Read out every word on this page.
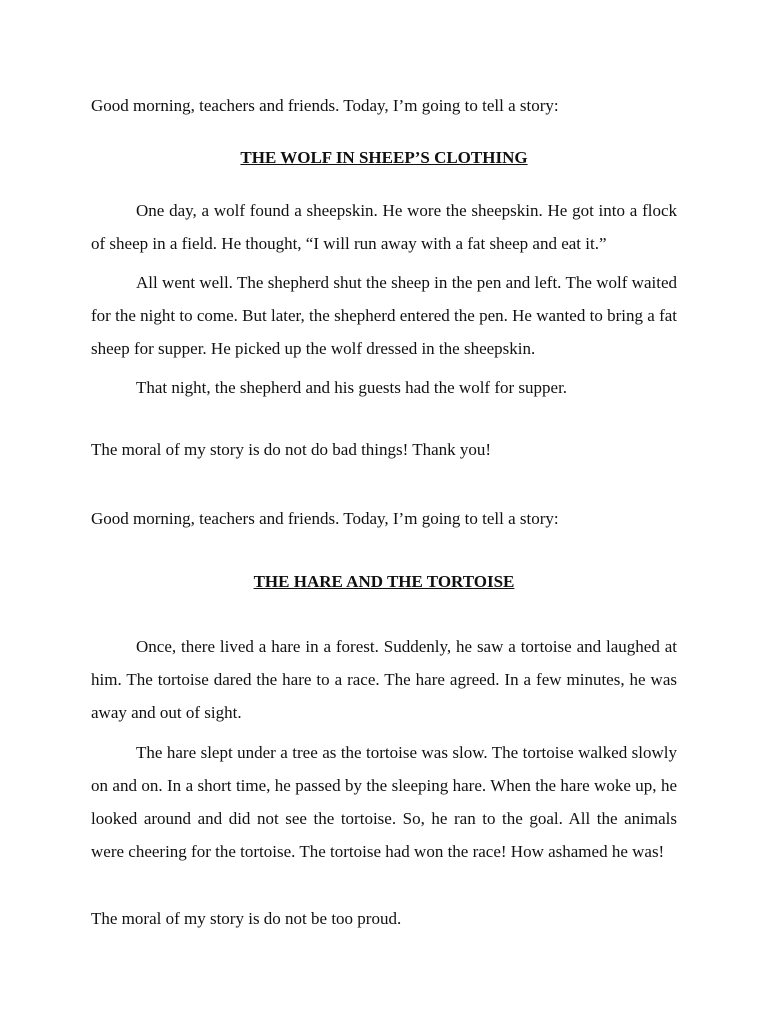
Good morning, teachers and friends. Today, I’m going to tell a story:

THE WOLF IN SHEEP’S CLOTHING

One day, a wolf found a sheepskin. He wore the sheepskin. He got into a flock of sheep in a field. He thought, “I will run away with a fat sheep and eat it.”

All went well. The shepherd shut the sheep in the pen and left. The wolf waited for the night to come. But later, the shepherd entered the pen. He wanted to bring a fat sheep for supper. He picked up the wolf dressed in the sheepskin.

That night, the shepherd and his guests had the wolf for supper.

The moral of my story is do not do bad things! Thank you!

Good morning, teachers and friends. Today, I’m going to tell a story:

THE HARE AND THE TORTOISE

Once, there lived a hare in a forest. Suddenly, he saw a tortoise and laughed at him. The tortoise dared the hare to a race. The hare agreed. In a few minutes, he was away and out of sight.

The hare slept under a tree as the tortoise was slow. The tortoise walked slowly on and on. In a short time, he passed by the sleeping hare. When the hare woke up, he looked around and did not see the tortoise. So, he ran to the goal. All the animals were cheering for the tortoise. The tortoise had won the race! How ashamed he was!

The moral of my story is do not be too proud.
